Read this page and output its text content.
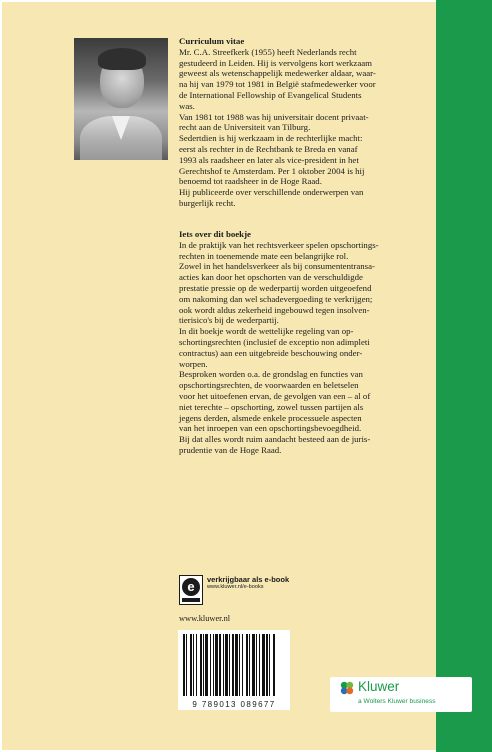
Curriculum vitae

Mr. C.A. Streefkerk (1955) heeft Nederlands recht
gestudeerd in Leiden. Hij is vervolgens kort werkzaam
geweest als wetenschappelijk medewerker aldaar, waar-
na hij van 1979 tot 1981 in België stafmedewerker voor
de International Fellowship of Evangelical Students
was.
Van 1981 tot 1988 was hij universitair docent privaat-
recht aan de Universiteit van Tilburg.
Sedertdien is hij werkzaam in de rechterlijke macht:
eerst als rechter in de Rechtbank te Breda en vanaf
1993 als raadsheer en later als vice-president in het
Gerechtshof te Amsterdam. Per 1 oktober 2004 is hij
benoemd tot raadsheer in de Hoge Raad.
Hij publiceerde over verschillende onderwerpen van
burgerlijk recht.

Iets over dit boekje

In de praktijk van het rechtsverkeer spelen opschortings-
rechten in toenemende mate een belangrijke rol.
Zowel in het handelsverkeer als bij consumententransa-
acties kan door het opschorten van de verschuldigde
prestatie pressie op de wederpartij worden uitgeoefend
om nakoming dan wel schadevergoeding te verkrijgen;
ook wordt aldus zekerheid ingebouwd tegen insolven-
tierisico's bij de wederpartij.
In dit boekje wordt de wettelijke regeling van op-
schortingsrechten (inclusief de exceptio non adimpleti
contractus) aan een uitgebreide beschouwing onder-
worpen.
Besproken worden o.a. de grondslag en functies van
opschortingsrechten, de voorwaarden en beletselen
voor het uitoefenen ervan, de gevolgen van een – al of
niet terechte – opschorting, zowel tussen partijen als
jegens derden, alsmede enkele processuele aspecten
van het inroepen van een opschortingsbevoegdheid.
Bij dat alles wordt ruim aandacht besteed aan de juris-
prudentie van de Hoge Raad.

e	verkrijgbaar als e-book
www.kluwer.nl/e-books
www.kluwer.nl
9 789013 089677
Kluwer
a Wolters Kluwer business
